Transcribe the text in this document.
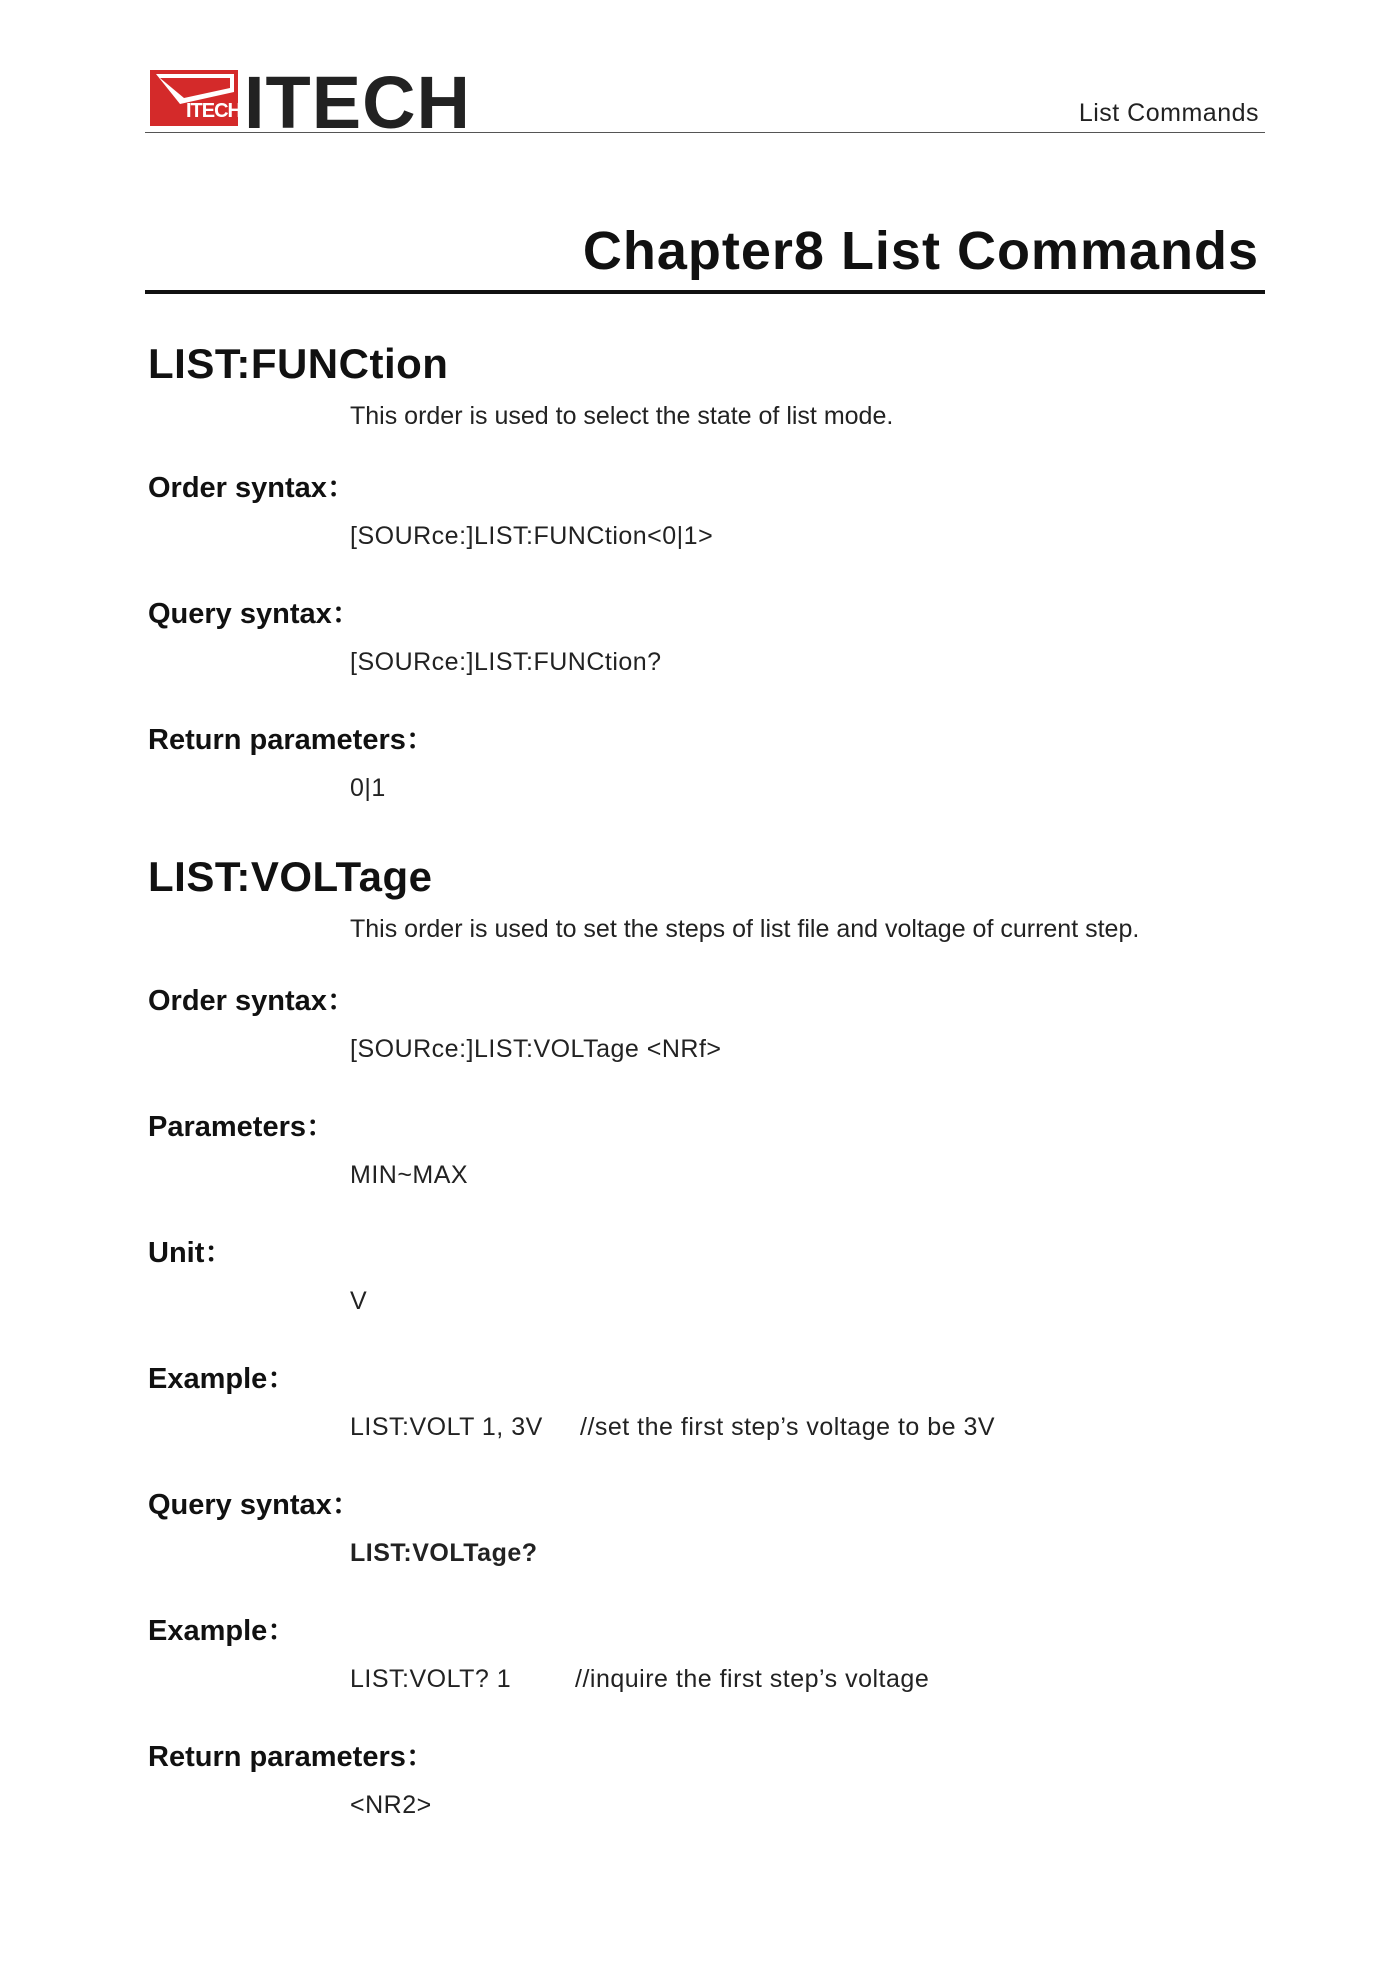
ITECH ITECH	List Commands
Chapter8 List Commands
LIST:FUNCtion
This order is used to select the state of list mode.
Order syntax：
[SOURce:]LIST:FUNCtion<0|1>
Query syntax：
[SOURce:]LIST:FUNCtion?
Return parameters：
0|1
LIST:VOLTage
This order is used to set the steps of list file and voltage of current step.
Order syntax：
[SOURce:]LIST:VOLTage <NRf>
Parameters：
MIN~MAX
Unit：
V
Example：
LIST:VOLT 1, 3V	//set the first step’s voltage to be 3V
Query syntax：
LIST:VOLTage?
Example：
LIST:VOLT? 1	//inquire the first step’s voltage
Return parameters：
<NR2>
